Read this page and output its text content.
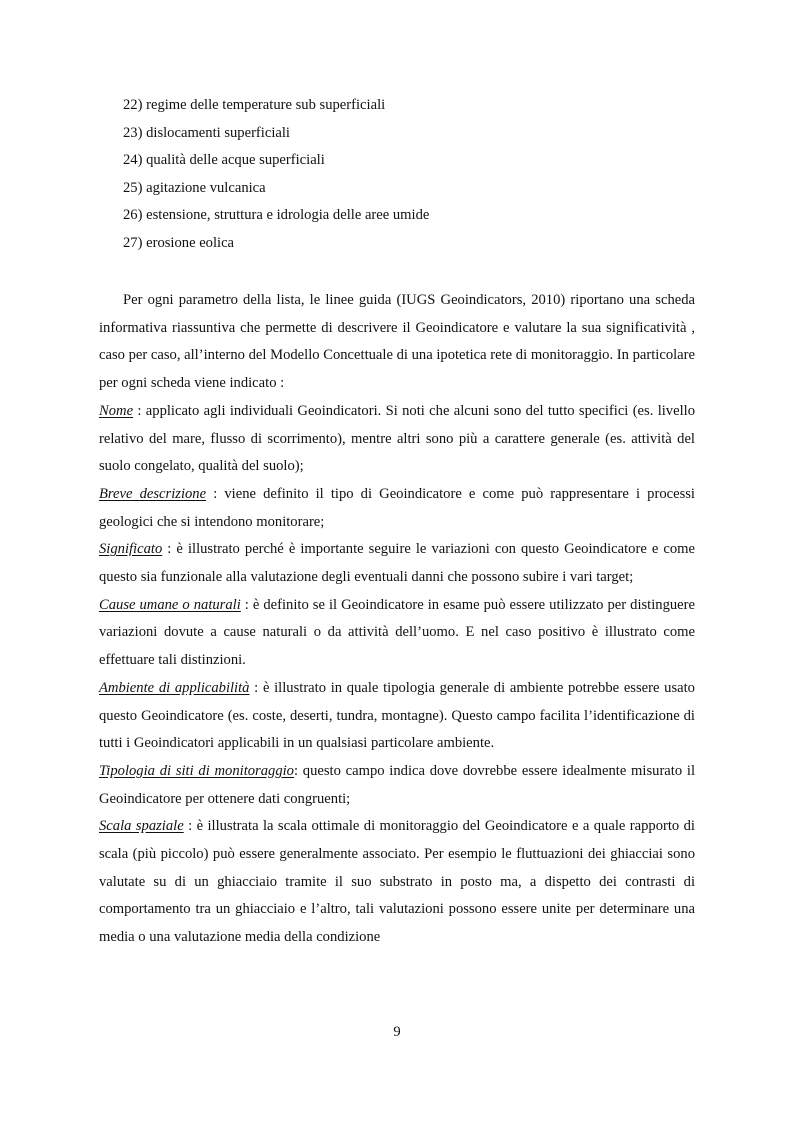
22) regime delle temperature sub superficiali
23) dislocamenti superficiali
24) qualità delle acque superficiali
25) agitazione vulcanica
26) estensione, struttura e idrologia delle aree umide
27) erosione eolica

Per ogni parametro della lista, le linee guida (IUGS Geoindicators, 2010) riportano una scheda informativa riassuntiva che permette di descrivere il Geoindicatore e valutare la sua significatività , caso per caso, all’interno del Modello Concettuale di una ipotetica rete di monitoraggio. In particolare per ogni scheda viene indicato :

Nome : applicato agli individuali Geoindicatori. Si noti che alcuni sono del tutto specifici (es. livello relativo del mare, flusso di scorrimento), mentre altri sono più a carattere generale (es. attività del suolo congelato, qualità del suolo);

Breve descrizione : viene definito il tipo di Geoindicatore e come può rappresentare i processi geologici che si intendono monitorare;

Significato : è illustrato perché è importante seguire le variazioni con questo Geoindicatore e come questo sia funzionale alla valutazione degli eventuali danni che possono subire i vari target;

Cause umane o naturali : è definito se il Geoindicatore in esame può essere utilizzato per distinguere variazioni dovute a cause naturali o da attività dell’uomo. E nel caso positivo è illustrato come effettuare tali distinzioni.

Ambiente di applicabilità : è illustrato in quale tipologia generale di ambiente potrebbe essere usato questo Geoindicatore (es. coste, deserti, tundra, montagne). Questo campo facilita l’identificazione di tutti i Geoindicatori applicabili in un qualsiasi particolare ambiente.

Tipologia di siti di monitoraggio: questo campo indica dove dovrebbe essere idealmente misurato il Geoindicatore per ottenere dati congruenti;

Scala spaziale : è illustrata la scala ottimale di monitoraggio del Geoindicatore e a quale rapporto di scala (più piccolo) può essere generalmente associato. Per esempio le fluttuazioni dei ghiacciai sono valutate su di un ghiacciaio tramite il suo substrato in posto ma, a dispetto dei contrasti di comportamento tra un ghiacciaio e l’altro, tali valutazioni possono essere unite per determinare una media o una valutazione media della condizione

9
